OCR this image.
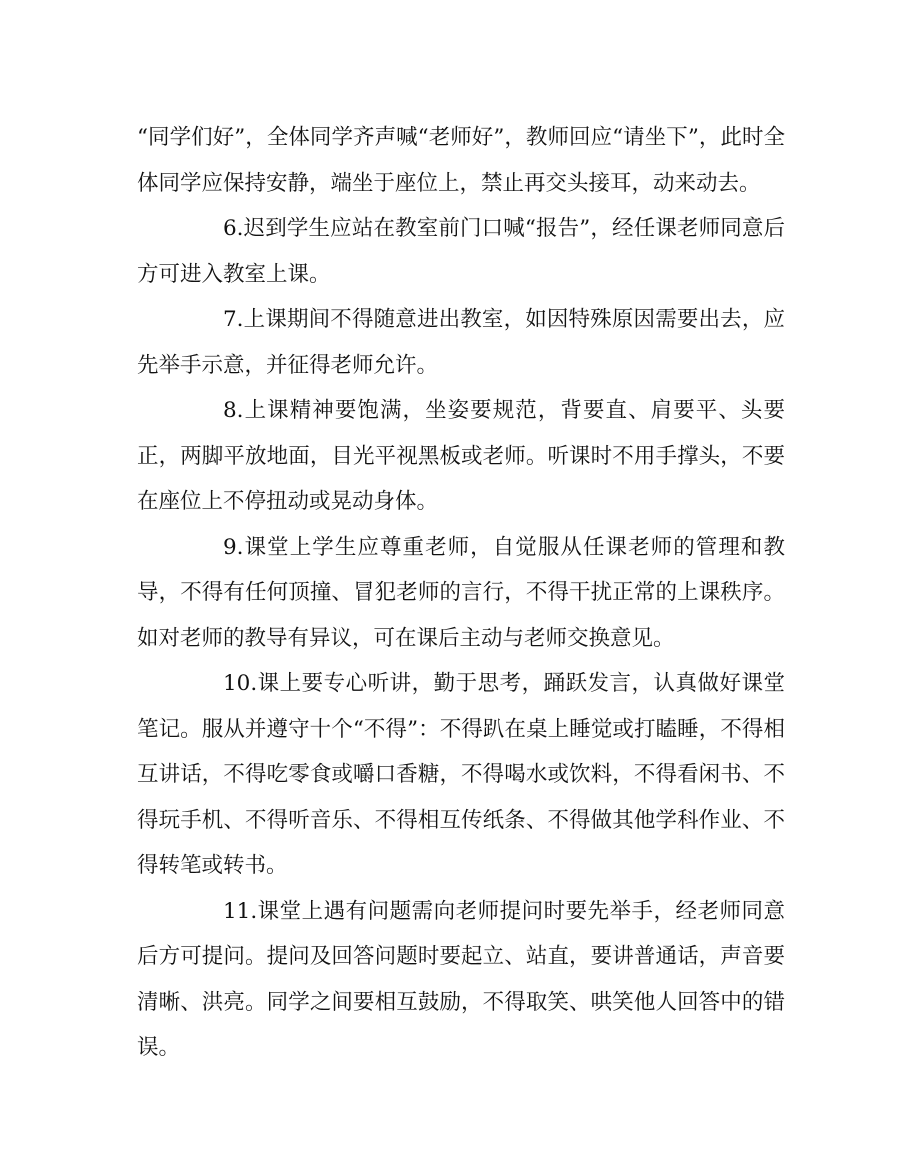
“同学们好”，全体同学齐声喊“老师好”，教师回应“请坐下”，此时全体同学应保持安静，端坐于座位上，禁止再交头接耳，动来动去。

6.迟到学生应站在教室前门口喊“报告”，经任课老师同意后方可进入教室上课。

7.上课期间不得随意进出教室，如因特殊原因需要出去，应先举手示意，并征得老师允许。

8.上课精神要饱满，坐姿要规范，背要直、肩要平、头要正，两脚平放地面，目光平视黑板或老师。听课时不用手撑头，不要在座位上不停扭动或晃动身体。

9.课堂上学生应尊重老师，自觉服从任课老师的管理和教导，不得有任何顶撞、冒犯老师的言行，不得干扰正常的上课秩序。如对老师的教导有异议，可在课后主动与老师交换意见。

10.课上要专心听讲，勤于思考，踊跃发言，认真做好课堂笔记。服从并遵守十个“不得”：不得趴在桌上睡觉或打瞌睡，不得相互讲话，不得吃零食或嚼口香糖，不得喝水或饮料，不得看闲书、不得玩手机、不得听音乐、不得相互传纸条、不得做其他学科作业、不得转笔或转书。

11.课堂上遇有问题需向老师提问时要先举手，经老师同意后方可提问。提问及回答问题时要起立、站直，要讲普通话，声音要清晰、洪亮。同学之间要相互鼓励，不得取笑、哄笑他人回答中的错误。
